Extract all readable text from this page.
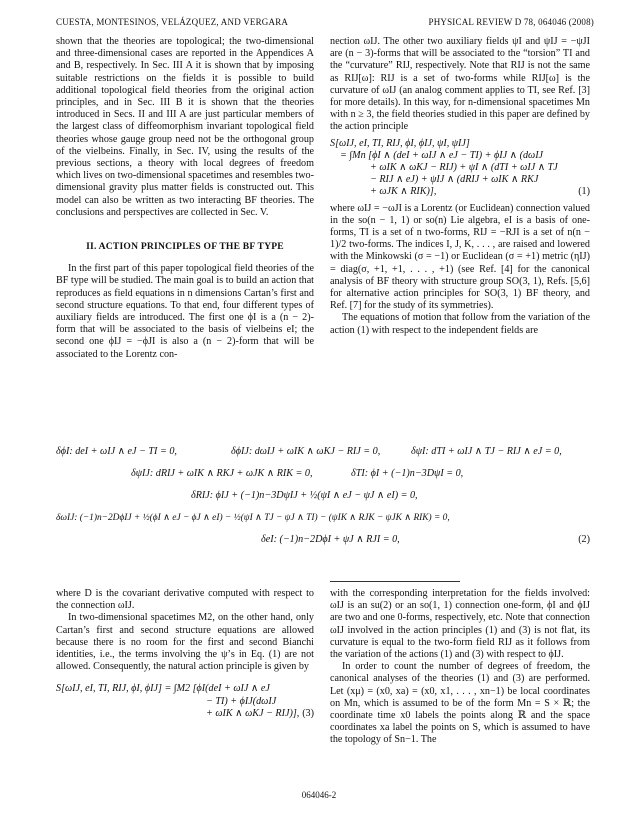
CUESTA, MONTESINOS, VELÁZQUEZ, AND VERGARA	PHYSICAL REVIEW D 78, 064046 (2008)

shown that the theories are topological; the two-dimensional and three-dimensional cases are reported in the Appendices A and B, respectively. In Sec. III A it is shown that by imposing suitable restrictions on the fields it is possible to build additional topological field theories from the original action principles, and in Sec. III B it is shown that the theories introduced in Secs. II and III A are just particular members of the largest class of diffeomorphism invariant topological field theories whose gauge group need not be the orthogonal group of the vielbeins. Finally, in Sec. IV, using the results of the previous sections, a theory with local degrees of freedom which lives on two-dimensional spacetimes and resembles two-dimensional gravity plus matter fields is constructed out. This model can also be written as two interacting BF theories. The conclusions and perspectives are collected in Sec. V.

II. ACTION PRINCIPLES OF THE BF TYPE

In the first part of this paper topological field theories of the BF type will be studied. The main goal is to build an action that reproduces as field equations in n dimensions Cartan’s first and second structure equations. To that end, four different types of auxiliary fields are introduced. The first one ϕI is a (n − 2)-form that will be associated to the basis of vielbeins eI; the second one ϕIJ = −ϕJI is also a (n − 2)-form that will be associated to the Lorentz con-

nection ωIJ. The other two auxiliary fields ψI and ψIJ = −ψJI are (n − 3)-forms that will be associated to the “torsion” TI and the “curvature” RIJ, respectively. Note that RIJ is not the same as RIJ[ω]: RIJ is a set of two-forms while RIJ[ω] is the curvature of ωIJ (an analog comment applies to TI, see Ref. [3] for more details). In this way, for n-dimensional spacetimes Mn with n ≥ 3, the field theories studied in this paper are defined by the action principle

S[ωIJ, eI, TI, RIJ, ϕI, ϕIJ, ψI, ψIJ]
= ∫Mn [ϕI ∧ (deI + ωIJ ∧ eJ − TI) + ϕIJ ∧ (dωIJ
+ ωIK ∧ ωKJ − RIJ) + ψI ∧ (dTI + ωIJ ∧ TJ
− RIJ ∧ eJ) + ψIJ ∧ (dRIJ + ωIK ∧ RKJ
+ ωJK ∧ RIK)],	(1)

where ωIJ = −ωJI is a Lorentz (or Euclidean) connection valued in the so(n − 1, 1) or so(n) Lie algebra, eI is a basis of one-forms, TI is a set of n two-forms, RIJ = −RJI is a set of n(n − 1)/2 two-forms. The indices I, J, K, . . . , are raised and lowered with the Minkowski (σ = −1) or Euclidean (σ = +1) metric (ηIJ) = diag(σ, +1, +1, . . . , +1) (see Ref. [4] for the canonical analysis of BF theory with structure group SO(3, 1), Refs. [5,6] for alternative action principles for SO(3, 1) BF theory, and Ref. [7] for the study of its symmetries).

The equations of motion that follow from the variation of the action (1) with respect to the independent fields are

δϕI: deI + ωIJ ∧ eJ − TI = 0,	δϕIJ: dωIJ + ωIK ∧ ωKJ − RIJ = 0,	δψI: dTI + ωIJ ∧ TJ − RIJ ∧ eJ = 0,
δψIJ: dRIJ + ωIK ∧ RKJ + ωJK ∧ RIK = 0,	δTI: ϕI + (−1)n−3DψI = 0,
δRIJ: ϕIJ + (−1)n−3DψIJ + ½(ψI ∧ eJ − ψJ ∧ eI) = 0,
δωIJ: (−1)n−2DϕIJ + ½(ϕI ∧ eJ − ϕJ ∧ eI) − ½(ψI ∧ TJ − ψJ ∧ TI) − (ψIK ∧ RJK − ψJK ∧ RIK) = 0,
δeI: (−1)n−2DϕI + ψJ ∧ RJI = 0,	(2)

where D is the covariant derivative computed with respect to the connection ωIJ.

In two-dimensional spacetimes M2, on the other hand, only Cartan’s first and second structure equations are allowed because there is no room for the first and second Bianchi identities, i.e., the terms involving the ψ’s in Eq. (1) are not allowed. Consequently, the natural action principle is given by

S[ωIJ, eI, TI, RIJ, ϕI, ϕIJ] = ∫M2 [ϕI(deI + ωIJ ∧ eJ
− TI) + ϕIJ(dωIJ
+ ωIK ∧ ωKJ − RIJ)], (3)

with the corresponding interpretation for the fields involved: ωIJ is an su(2) or an so(1, 1) connection one-form, ϕI and ϕIJ are two and one 0-forms, respectively, etc. Note that connection ωIJ involved in the action principles (1) and (3) is not flat, its curvature is equal to the two-form field RIJ as it follows from the variation of the actions (1) and (3) with respect to ϕIJ.

In order to count the number of degrees of freedom, the canonical analyses of the theories (1) and (3) are performed. Let (xμ) = (x0, xa) = (x0, x1, . . . , xn−1) be local coordinates on Mn, which is assumed to be of the form Mn = S × ℝ; the coordinate time x0 labels the points along ℝ and the space coordinates xa label the points on S, which is assumed to have the topology of Sn−1. The

064046-2
